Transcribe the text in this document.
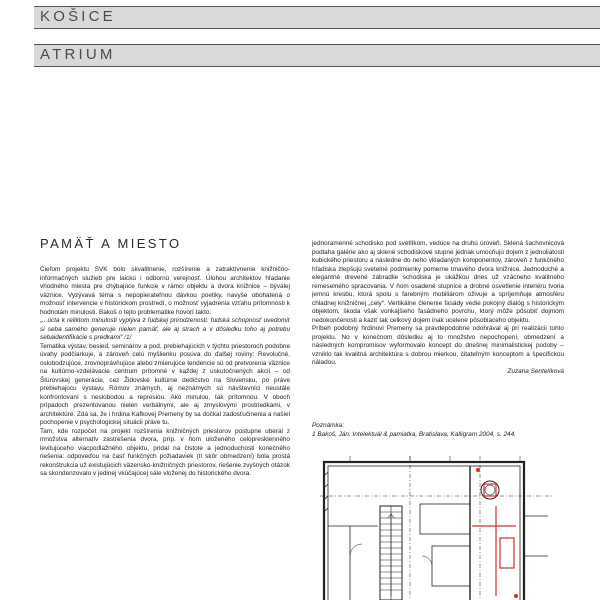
KOŠICE
ATRIUM
PAMÄŤ A MIESTO

Cieľom projektu ŠVK bolo skvalitnenie, rozšírenie a zatraktívnenie knižnično-informačných služieb pre laickú i odbornú verejnosť. Úlohou architektov hľadanie vhodného miesta pre chýbajúce funkcie v rámci objektu a dvora knižnice – bývalej väznice. Vyzývavá téma s nepopierateľnou dávkou poetiky, navyše obohatená o možnosť intervencie v historickom prostredí, o možnosť vyjadrenia vzťahu prítomnosti k hodnotám minulosti. Bakoš o tejto problematike hovorí takto:

„...úcta k reliktom minulosti vyplýva z ľudskej prirodzenosti: ľudská schopnosť uvedomiť si seba samého generuje nielen pamäť, ale aj strach a v dôsledku toho aj potrebu sebaidentifikácie s predkami“ /1/

Tematika výstav, besied, seminárov a pod. prebiehajúcich v týchto priestoroch podobne úvahy podčiarkuje, a zároveň celú myšlienku posúva do ďalšej roviny: Revolučné, oslobodzujúce, zrovnoprávňujúce alebo zmierujúce tendencie sú od pretvorenia väznice na kultúrno-vzdelávacie centrum prítomné v každej z uskutočnených akcií – od Štúrovskej generácie, cez Židovské kultúrne dedičstvo na Slovensku, po práve prebiehajúcu výstavu Rómov známych, aj neznámych sú návštevníci neustále konfrontovaní s neslobodou a represiou. Ako minulou, tak prítomnou. V oboch prípadoch prezentovanou nielen verbálnymi, ale aj zmyslovými prostriedkami, v architektúre. Zdá sa, že i hrdina Kafkovej Premeny by sa dočkal zadosťučinenia a našiel pochopenie v psychologickej situácii práve tu.

Tam, kde rozpočet na projekt rozšírenia knižničných priestorov postupne uberal z množstva alternatív zastrešenia dvora, príp. v ňom uloženého celopresklenného levitujúceho viacpodlažného objektu, pridal na čistote a jednoduchosti konečného riešenia: odpoveďou na časť funkčných požiadaviek (tí skôr obmedzení) bola prostá rekonštrukcia už existujúcich väzensko-knižničných priestorov, riešenie zvyšných otázok sa skondenzovalo v jedinej vkúčajúcej sále vloženej do historického dvora.

jednoramenné schodisko pod svetlíkom, vedúce na druhú úroveň. Sklená šachovnicová podlaha galérie ako aj sklené schodiskové stupne jednak umocňujú dojem z jednoliatosti kubického priestoru a následne do neho vkladaných komponentov, zároveň z funkčného hľadiska zlepšujú svetelné podmienky pomerne tmavého dvora knižnice. Jednoduché a elegantné drevené zábradlie schodiska je ukážkou dnes už vzácneho kvalitného remeselného spracovania. V ňom osadené stupnice a drobné osvetlenie interiéru tvoria jemnú kresbu, ktorá spolu s farebným mobiliárom oživuje a spríjemňuje atmosféru chladnej knižničnej „cely“. Vertikálne členenie fasády vedie pokojný dialóg s historickým objektom, škoda však vonkajšieho fasádneho povrchu, ktorý môže pôsobiť dojmom nedokončenosti a kaziť tak celkový dojem inak ucelene pôsobiaceho objektu.

Príbeh podobný hrdinovi Premeny sa pravdepodobne odohrával aj pri realizácii tohto projektu. No v konečnom dôsledku aj to množstvo nepochopení, obmedzení a následných kompromisov wyformovalo koncept do dnešnej minimalistickej podoby – vzniklo tak kvalitná architektúra s dobrou mierkou, čitateľným konceptom a špecifickou náladou.

Zuzana Sentelíková

Poznámka:
1 Bakoš, Ján: Intelektuál & pamiatka, Bratislava, Kalligram 2004, s. 244.
